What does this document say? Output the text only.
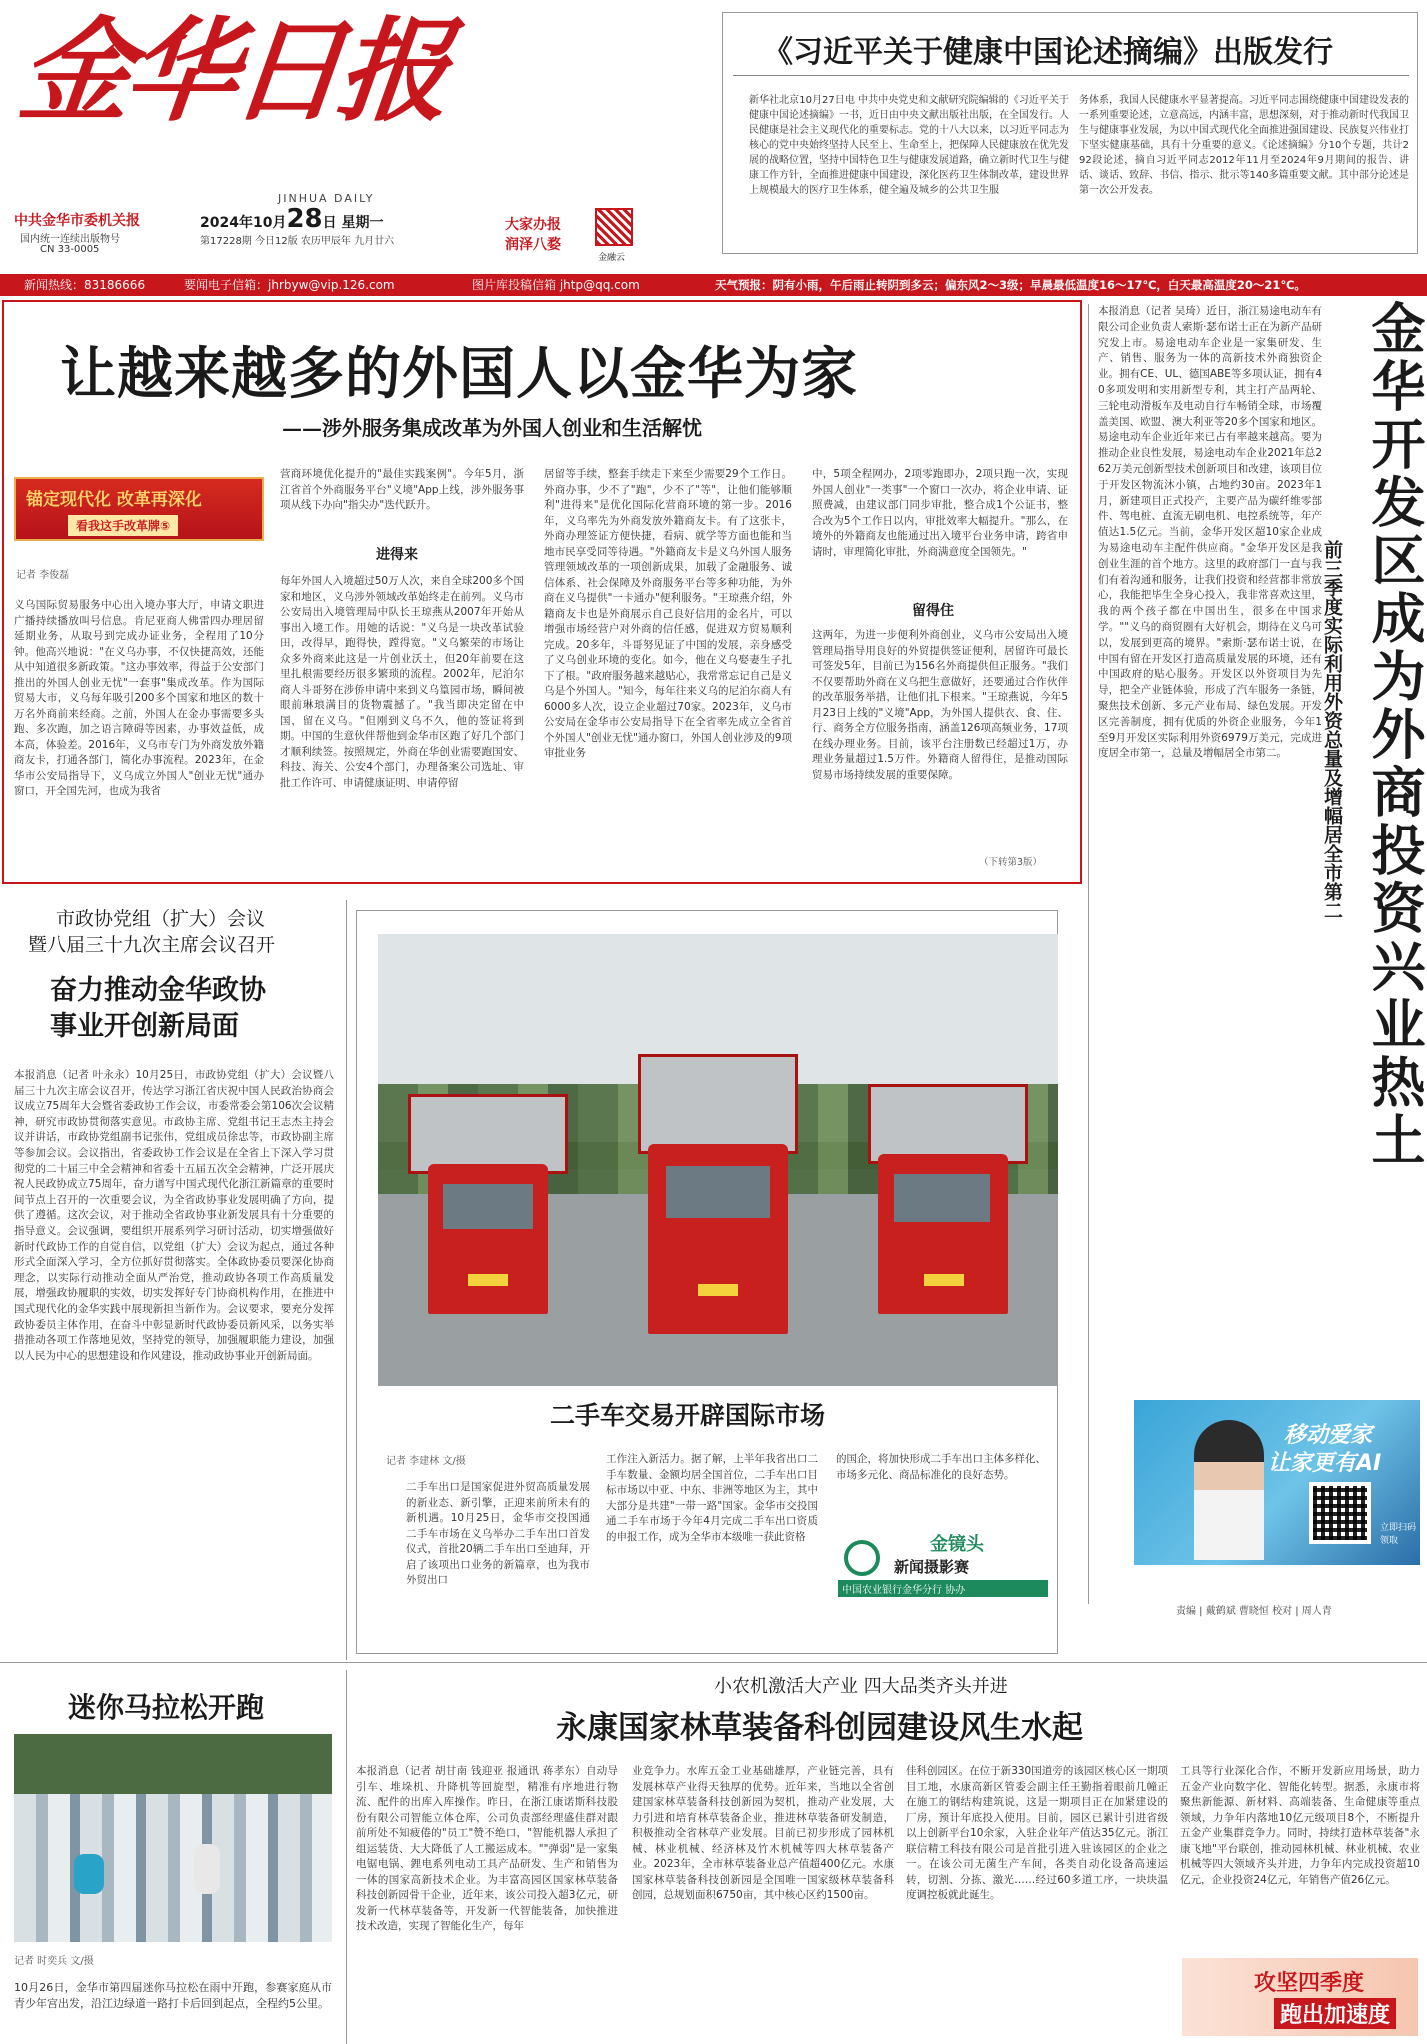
金华日报
JINHUA DAILY
中共金华市委机关报
国内统一连续出版物号
CN 33-0005
2024年10月28日 星期一
第17228期 今日12版 农历甲辰年 九月廿六
大家办报
润泽八婺
金融云
《习近平关于健康中国论述摘编》出版发行
新华社北京10月27日电 中共中央党史和文献研究院编辑的《习近平关于健康中国论述摘编》一书，近日由中央文献出版社出版，在全国发行。人民健康是社会主义现代化的重要标志。党的十八大以来，以习近平同志为核心的党中央始终坚持人民至上、生命至上，把保障人民健康放在优先发展的战略位置，坚持中国特色卫生与健康发展道路，确立新时代卫生与健康工作方针，全面推进健康中国建设，深化医药卫生体制改革，建设世界上规模最大的医疗卫生体系，健全遍及城乡的公共卫生服
务体系，我国人民健康水平显著提高。习近平同志围绕健康中国建设发表的一系列重要论述，立意高远，内涵丰富，思想深刻，对于推动新时代我国卫生与健康事业发展，为以中国式现代化全面推进强国建设、民族复兴伟业打下坚实健康基础，具有十分重要的意义。《论述摘编》分10个专题，共计292段论述，摘自习近平同志2012年11月至2024年9月期间的报告、讲话、谈话、致辞、书信、指示、批示等140多篇重要文献。其中部分论述是第一次公开发表。
新闻热线：83186666	要闻电子信箱：jhrbyw@vip.126.com	图片库投稿信箱 jhtp@qq.com	天气预报：阴有小雨，午后雨止转阴到多云；偏东风2～3级；早晨最低温度16～17℃，白天最高温度20～21℃。
让越来越多的外国人以金华为家
——涉外服务集成改革为外国人创业和生活解忧
锚定现代化 改革再深化
看我这手改革牌⑤
记者 李俊磊
义乌国际贸易服务中心出入境办事大厅，申请文职进广播持续播放叫号信息。肯尼亚商人佛雷四办理居留延期业务，从取号到完成办证业务，全程用了10分钟。他高兴地说："在义乌办事，不仅快捷高效，还能从中知道很多新政策。"这办事效率，得益于公安部门推出的外国人创业无忧"一套事"集成改革。作为国际贸易大市，义乌每年吸引200多个国家和地区的数十万名外商前来经商。之前，外国人在金办事需要多头跑、多次跑，加之语言障碍等因素，办事效益低，成本高，体验差。2016年，义乌市专门为外商发放外籍商友卡，打通各部门，简化办事流程。2023年，在金华市公安局指导下，义乌成立外国人"创业无忧"通办窗口，开全国先河，也成为我省
营商环境优化提升的"最佳实践案例"。今年5月，浙江省首个外商服务平台"义境"App上线，涉外服务事项从线下办向"指尖办"迭代跃升。
进得来
每年外国人入境超过50万人次，来自全球200多个国家和地区，义乌涉外领域改革始终走在前列。义乌市公安局出入境管理局中队长王琼燕从2007年开始从事出入境工作。用她的话说："义乌是一块改革试验田，改得早，跑得快，蹚得宽。"义乌繁荣的市场让众多外商来此这是一片创业沃土，但20年前要在这里扎根需要经历很多繁琐的流程。2002年，尼泊尔商人斗哥努在涉侨申请中来到义乌篁园市场，瞬间被眼前琳琅满目的货物震撼了。"我当即决定留在中国，留在义乌。"但刚到义乌不久，他的签证将到期。中国的生意伙伴帮他到金华市区跑了好几个部门才顺利续签。按照规定，外商在华创业需要跑国安、科技、海关、公安4个部门，办理备案公司选址、审批工作许可、申请健康证明、申请停留
居留等手续，整套手续走下来至少需要29个工作日。外商办事，少不了"跑"，少不了"等"，让他们能够顺利"进得来"是优化国际化营商环境的第一步。2016年，义乌率先为外商发放外籍商友卡。有了这张卡，外商办理签证方便快捷，看病、就学等方面也能和当地市民享受同等待遇。"外籍商友卡是义乌外国人服务管理领域改革的一项创新成果，加载了金融服务、诚信体系、社会保障及外商服务平台等多种功能，为外商在义乌提供"一卡通办"便利服务。"王琼燕介绍，外籍商友卡也是外商展示自己良好信用的金名片，可以增强市场经营户对外商的信任感，促进双方贸易顺利完成。20多年，斗哥努见证了中国的发展，亲身感受了义乌创业环境的变化。如今，他在义乌娶妻生子扎下了根。"政府服务越来越贴心，我常常忘记自己是义乌是个外国人。"知今，每年往来义乌的尼泊尔商人有6000多人次，设立企业超过70家。2023年，义乌市公安局在金华市公安局指导下在全省率先成立全省首个外国人"创业无忧"通办窗口，外国人创业涉及的9项审批业务
中，5项全程网办，2项零跑即办，2项只跑一次，实现外国人创业"一类事"一个窗口一次办，将企业申请、证照费减，由建议部门同步审批，整合成1个公证书，整合改为5个工作日以内，审批效率大幅提升。"那么，在境外的外籍商友也能通过出入境平台业务申请，跨省申请时，审理简化审批，外商满意度全国领先。"
留得住
这两年，为进一步便利外商创业，义乌市公安局出入境管理局指导用良好的外贸提供签证便利，居留许可最长可签发5年，目前已为156名外商提供但正服务。"我们不仅要帮助外商在义乌把生意做好，还要通过合作伙伴的改革服务举措，让他们扎下根来。"王琼燕说，今年5月23日上线的"义境"App，为外国人提供衣、食、住、行、商务全方位服务指南，涵盖126项高频业务，17项在线办理业务。目前，该平台注册数已经超过1万，办理业务量超过1.5万件。外籍商人留得住，是推动国际贸易市场持续发展的重要保障。
（下转第3版）
本报消息（记者 吴琦）近日，浙江易途电动车有限公司企业负责人索斯·瑟布诺士正在为新产品研究发上市。易途电动车企业是一家集研发、生产、销售、服务为一体的高新技术外商独资企业。拥有CE、UL、德国ABE等多项认证，拥有40多项发明和实用新型专利，其主打产品两轮、三轮电动滑板车及电动自行车畅销全球，市场覆盖美国、欧盟、澳大利亚等20多个国家和地区。易途电动车企业近年来已占有率越来越高。要为推动企业良性发展，易途电动车企业2021年总262万美元创新型技术创新项目和改建，该项目位于开发区物流沐小镇，占地约30亩。2023年1月，新建项目正式投产，主要产品为碳纤维零部件、驾电桩、直流无刷电机、电控系统等，年产值达1.5亿元。当前，金华开发区超10家企业成为易途电动车主配件供应商。"金华开发区是我创业生涯的首个地方。这里的政府部门一直与我们有着沟通和服务，让我们投资和经营都非常放心，我能把毕生全身心投入，我非常喜欢这里，我的两个孩子都在中国出生，很多在中国求学。""义乌的商贸圈有大好机会，期待在义乌可以，发展到更高的境界。"索斯·瑟布诺士说，在中国有留在开发区打造高质量发展的环境，还有中国政府的贴心服务。开发区以外资项目为先导，把全产业链体验，形成了汽车服务一条链，聚焦技术创新、多元产业布局、绿色发展。开发区完善制度，拥有优质的外资企业服务，今年1至9月开发区实际利用外资6979万美元，完成进度居全市第一，总量及增幅居全市第二。	金华开发区成为外商投资兴业热土
前三季度实际利用外资总量及增幅居全市第二
移动爱家
让家更有AI
立即扫码领取
责编 | 戴鹤斌 曹晓恒 校对 | 周人青
市政协党组（扩大）会议
暨八届三十九次主席会议召开
奋力推动金华政协
事业开创新局面
本报消息（记者 叶永永）10月25日，市政协党组（扩大）会议暨八届三十九次主席会议召开，传达学习浙江省庆祝中国人民政治协商会议成立75周年大会暨省委政协工作会议，市委常委会第106次会议精神，研究市政协贯彻落实意见。市政协主席、党组书记王志杰主持会议并讲话，市政协党组副书记张伟，党组成员徐忠等，市政协副主席等参加会议。会议指出，省委政协工作会议是在全省上下深入学习贯彻党的二十届三中全会精神和省委十五届五次全会精神，广泛开展庆祝人民政协成立75周年，奋力谱写中国式现代化浙江新篇章的重要时间节点上召开的一次重要会议，为全省政协事业发展明确了方向，提供了遵循。这次会议，对于推动全省政协事业新发展具有十分重要的指导意义。会议强调，要组织开展系列学习研讨活动，切实增强做好新时代政协工作的自觉自信，以党组（扩大）会议为起点，通过各种形式全面深入学习，全方位抓好贯彻落实。全体政协委员要深化协商理念，以实际行动推动全面从严治党，推动政协各项工作高质量发展，增强政协履职的实效，切实发挥好专门协商机构作用，在推进中国式现代化的金华实践中展现新担当新作为。会议要求，要充分发挥政协委员主体作用，在奋斗中彰显新时代政协委员新风采，以务实举措推动各项工作落地见效，坚持党的领导，加强履职能力建设，加强以人民为中心的思想建设和作风建设，推动政协事业开创新局面。
二手车交易开辟国际市场
记者 李建林 文/摄
二手车出口是国家促进外贸高质量发展的新业态、新引擎，正迎来前所未有的新机遇。10月25日，金华市交投国通二手车市场在义乌举办二手车出口首发仪式，首批20辆二手车出口至迪拜，开启了该项出口业务的新篇章，也为我市外贸出口
工作注入新活力。据了解，上半年我省出口二手车数量、金额均居全国首位，二手车出口目标市场以中亚、中东、非洲等地区为主，其中大部分是共建"一带一路"国家。金华市交投国通二手车市场于今年4月完成二手车出口资质的申报工作，成为全华市本级唯一获此资格
的国企，将加快形成二手车出口主体多样化、市场多元化、商品标准化的良好态势。
金镜头
新闻摄影赛
中国农业银行金华分行 协办
迷你马拉松开跑
记者 时奕兵 文/摄
10月26日，金华市第四届迷你马拉松在雨中开跑，参赛家庭从市青少年宫出发，沿江边绿道一路打卡后回到起点，全程约5公里。
小农机激活大产业 四大品类齐头并进
永康国家林草装备科创园建设风生水起
本报消息（记者 胡甘南 钱迎亚 报通讯 蒋孝东）自动导引车、堆垛机、升降机等回旋型，精准有序地进行物流、配件的出库入库操作。昨日，在浙江康诺斯科技股份有限公司智能立体仓库，公司负责部经理盛佳群对跟前所处不知疲倦的"员工"赞不绝口，"智能机器人承担了组运装货、大大降低了人工搬运成本。""弹弱"是一家集电锯电锅、鋰电系列电动工具产品研发、生产和销售为一体的国家高新技术企业。为丰富高园区国家林草装备科技创新园骨干企业，近年来，该公司投入超3亿元，研发新一代林草装备等，开发新一代智能装备，加快推进技术改造，实现了智能化生产，每年
业竞争力。水库五金工业基础雄厚，产业链完善，具有发展林草产业得天独厚的优势。近年来，当地以全省创建国家林草装备科技创新园为契机，推动产业发展，大力引进和培育林草装备企业，推进林草装备研发制造，积极推动全省林草产业发展。目前已初步形成了园林机械、林业机械、经济林及竹木机械等四大林草装备产业。2023年，全市林草装备业总产值超400亿元。水康国家林草装备科技创新园是全国唯一国家级林草装备科创园，总规划面积6750亩，其中核心区约1500亩。
佳科创园区。在位于新330国道旁的该园区核心区一期项目工地，水康高新区管委会副主任王勤指着眼前几幢正在施工的钢结构建筑说，这是一期项目正在加紧建设的厂房，预计年底投入使用。目前，园区已累计引进省级以上创新平台10余家，入驻企业年产值达35亿元。浙江联信精工科技有限公司是首批引进入驻该园区的企业之一。在该公司无菌生产车间，各类自动化设备高速运转，切割、分拣、激光……经过60多道工序，一块块温度调控板就此诞生。
工具等行业深化合作，不断开发新应用场景，助力五金产业向数字化、智能化转型。据悉，永康市将聚焦新能源、新材料、高端装备、生命健康等重点领域，力争年内落地10亿元级项目8个，不断提升五金产业集群竞争力。同时，持续打造林草装备"永康飞地"平台联创，推动园林机械、林业机械、农业机械等四大领域齐头并进，力争年内完成投资超10亿元，企业投资24亿元，年销售产值26亿元。
攻坚四季度
跑出加速度
